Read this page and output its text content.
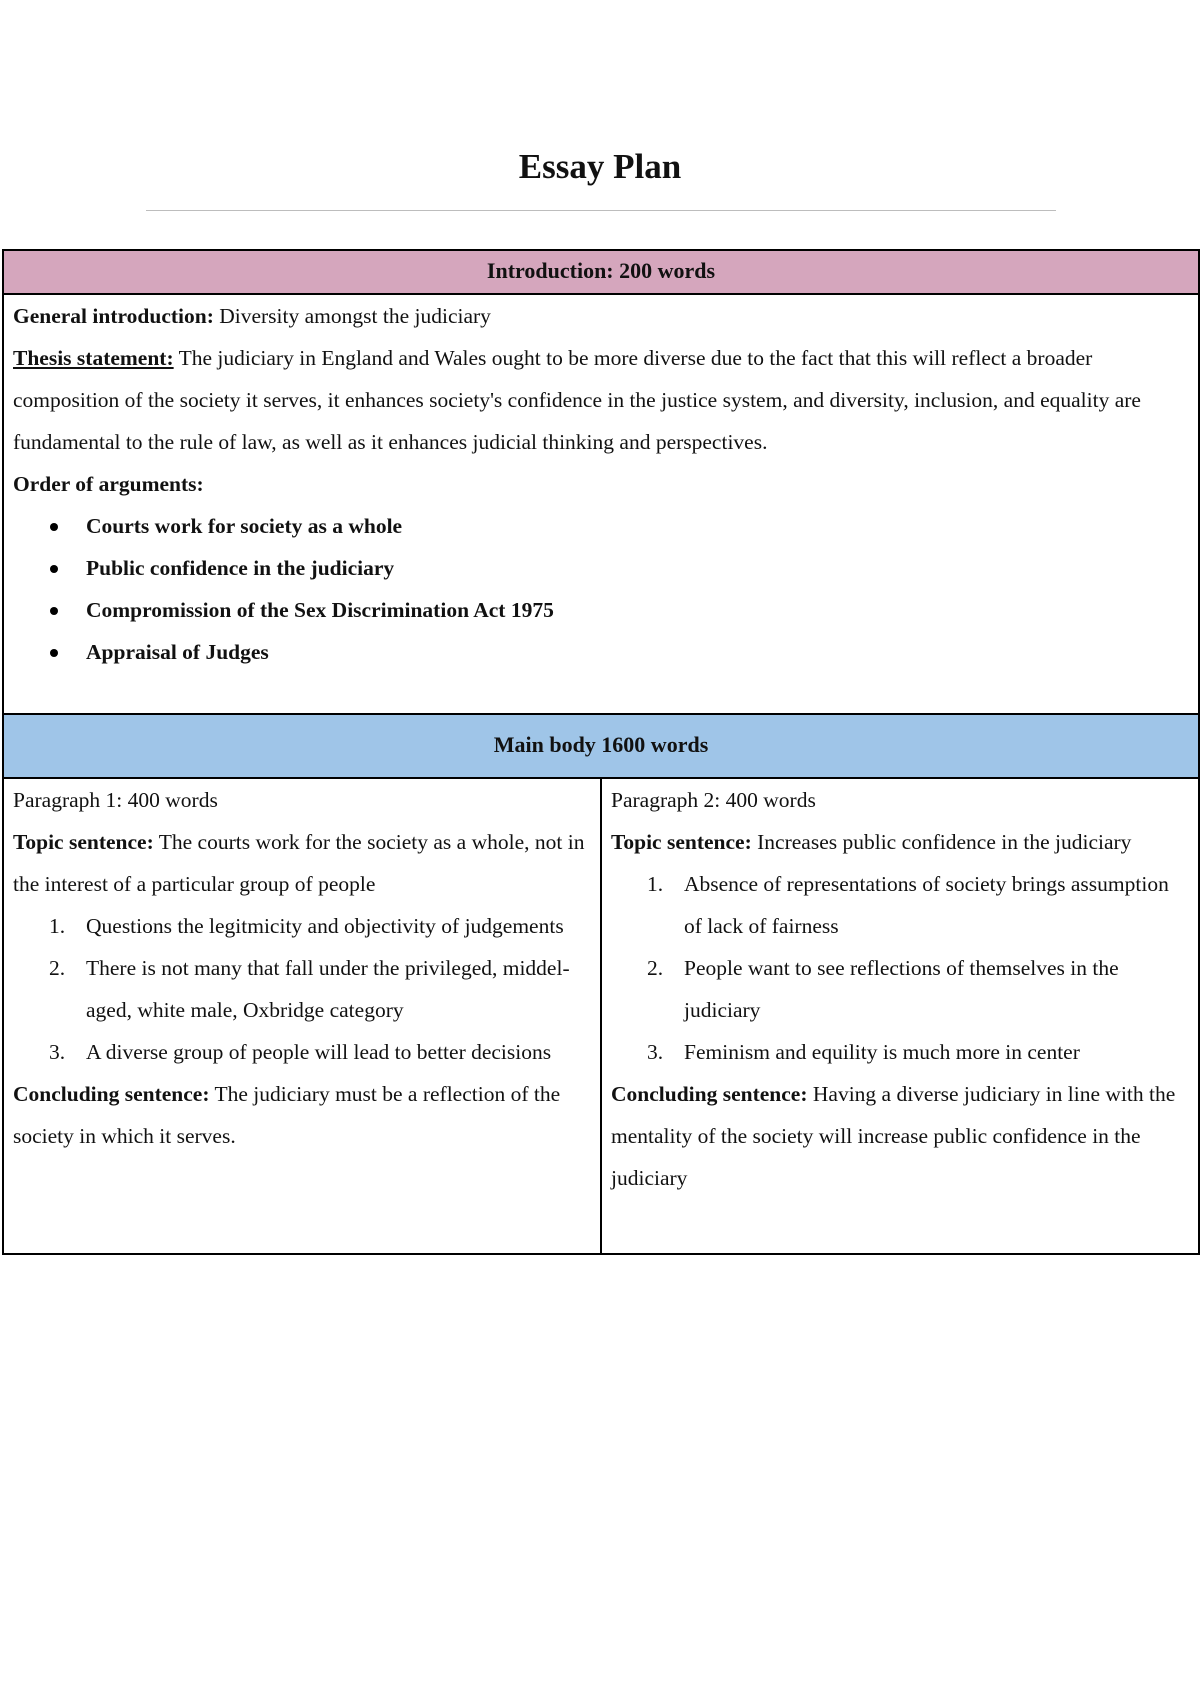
Essay Plan
Introduction: 200 words

General introduction: Diversity amongst the judiciary

Thesis statement: The judiciary in England and Wales ought to be more diverse due to the fact that this will reflect a broader composition of the society it serves, it enhances society's confidence in the justice system, and diversity, inclusion, and equality are fundamental to the rule of law, as well as it enhances judicial thinking and perspectives.

Order of arguments:

Courts work for society as a whole
Public confidence in the judiciary
Compromission of the Sex Discrimination Act 1975
Appraisal of Judges

Main body 1600 words

Paragraph 1: 400 words

Topic sentence: The courts work for the society as a whole, not in the interest of a particular group of people

1. Questions the legitmicity and objectivity of judgements
2. There is not many that fall under the privileged, middel-aged, white male, Oxbridge category
3. A diverse group of people will lead to better decisions

Concluding sentence: The judiciary must be a reflection of the society in which it serves.

Paragraph 2: 400 words

Topic sentence: Increases public confidence in the judiciary

1. Absence of representations of society brings assumption of lack of fairness
2. People want to see reflections of themselves in the judiciary
3. Feminism and equility is much more in center

Concluding sentence: Having a diverse judiciary in line with the mentality of the society will increase public confidence in the judiciary
